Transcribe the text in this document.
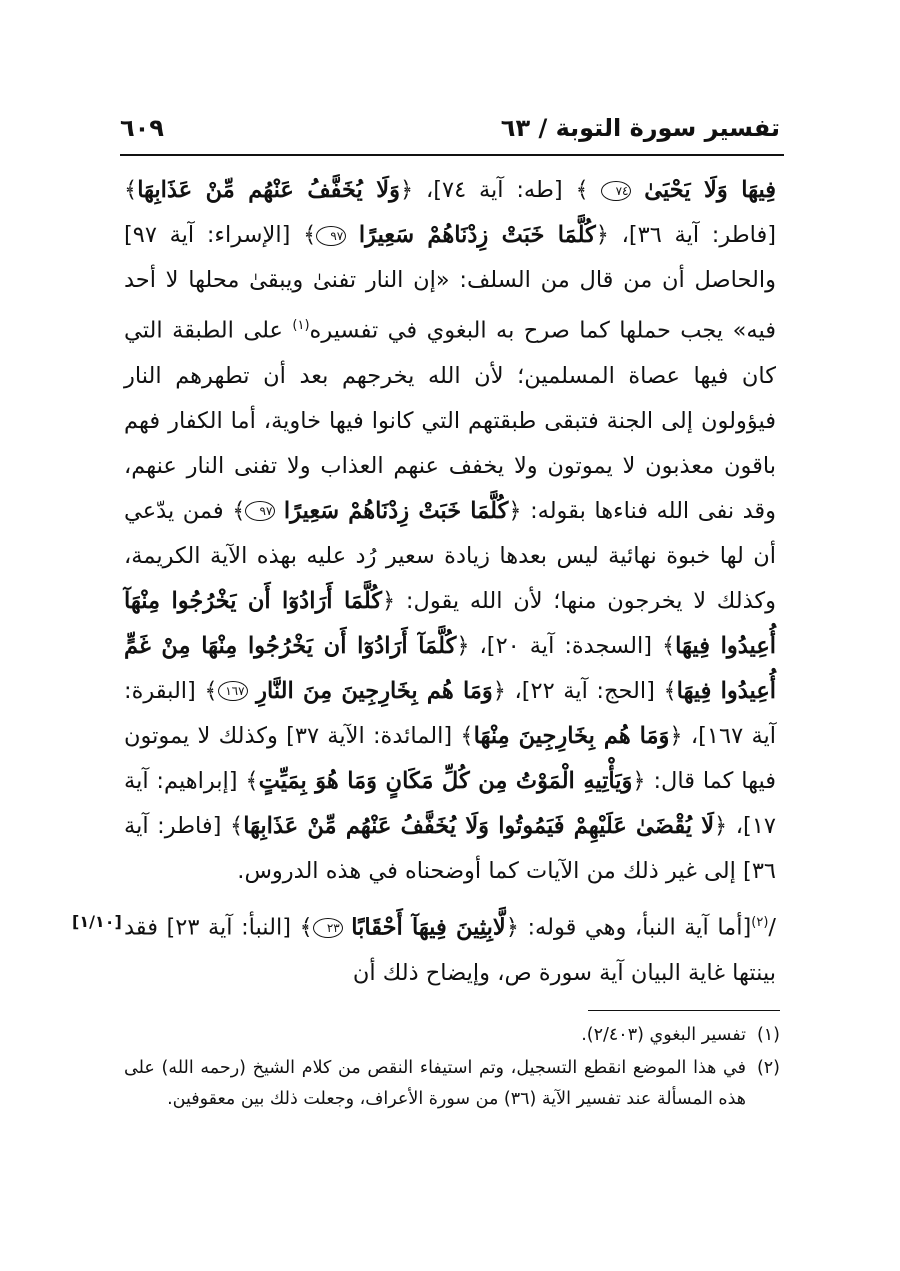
تفسير سورة التوبة / ٦٣
٦٠٩

فِيهَا وَلَا يَحْيَىٰ ٧٤ ﴾ [طه: آية ٧٤]، ﴿وَلَا يُخَفَّفُ عَنْهُم مِّنْ عَذَابِهَا﴾ [فاطر: آية ٣٦]، ﴿كُلَّمَا خَبَتْ زِدْنَاهُمْ سَعِيرًا ٩٧﴾ [الإسراء: آية ٩٧] والحاصل أن من قال من السلف: «إن النار تفنىٰ ويبقىٰ محلها لا أحد فيه» يجب حملها كما صرح به البغوي في تفسيره$^{(١)}$ على الطبقة التي كان فيها عصاة المسلمين؛ لأن الله يخرجهم بعد أن تطهرهم النار فيؤولون إلى الجنة فتبقى طبقتهم التي كانوا فيها خاوية، أما الكفار فهم باقون معذبون لا يموتون ولا يخفف عنهم العذاب ولا تفنى النار عنهم، وقد نفى الله فناءها بقوله: ﴿كُلَّمَا خَبَتْ زِدْنَاهُمْ سَعِيرًا ٩٧﴾ فمن يدّعي أن لها خبوة نهائية ليس بعدها زيادة سعير رُد عليه بهذه الآية الكريمة، وكذلك لا يخرجون منها؛ لأن الله يقول: ﴿كُلَّمَا أَرَادُوٓا أَن يَخْرُجُوا مِنْهَآ أُعِيدُوا فِيهَا﴾ [السجدة: آية ٢٠]، ﴿كُلَّمَآ أَرَادُوٓا أَن يَخْرُجُوا مِنْهَا مِنْ غَمٍّ أُعِيدُوا فِيهَا﴾ [الحج: آية ٢٢]، ﴿وَمَا هُم بِخَارِجِينَ مِنَ النَّارِ ١٦٧﴾ [البقرة: آية ١٦٧]، ﴿وَمَا هُم بِخَارِجِينَ مِنْهَا﴾ [المائدة: الآية ٣٧] وكذلك لا يموتون فيها كما قال: ﴿وَيَأْتِيهِ الْمَوْتُ مِن كُلِّ مَكَانٍ وَمَا هُوَ بِمَيِّتٍ﴾ [إبراهيم: آية ١٧]، ﴿لَا يُقْضَىٰ عَلَيْهِمْ فَيَمُوتُوا وَلَا يُخَفَّفُ عَنْهُم مِّنْ عَذَابِهَا﴾ [فاطر: آية ٣٦] إلى غير ذلك من الآيات كما أوضحناه في هذه الدروس.

/$^{(٢)}$[أما آية النبأ، وهي قوله: ﴿لَّابِثِينَ فِيهَآ أَحْقَابًا ٢٣﴾ [النبأ: آية ٢٣] فقد بينتها غاية البيان آية سورة ص، وإيضاح ذلك أن

[١/١٠]
(١)
تفسير البغوي (٢/٤٠٣).
(٢)
في هذا الموضع انقطع التسجيل، وتم استيفاء النقص من كلام الشيخ (رحمه الله) على هذه المسألة عند تفسير الآية (٣٦) من سورة الأعراف، وجعلت ذلك بين معقوفين.
